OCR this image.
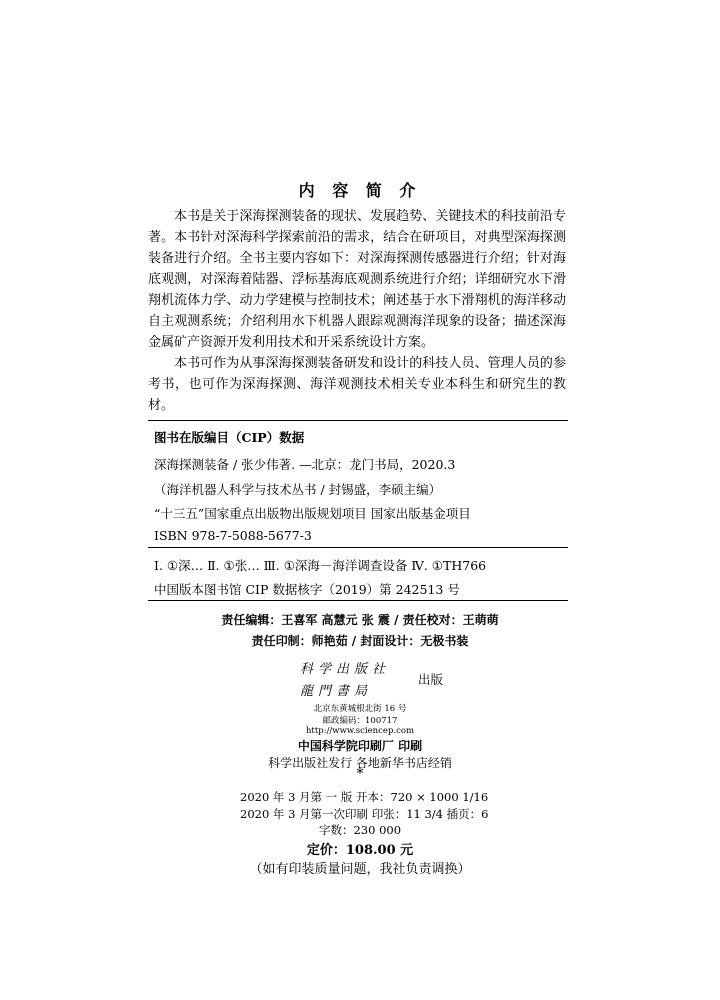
内 容 简 介

本书是关于深海探测装备的现状、发展趋势、关键技术的科技前沿专著。本书针对深海科学探索前沿的需求，结合在研项目，对典型深海探测装备进行介绍。全书主要内容如下：对深海探测传感器进行介绍；针对海底观测，对深海着陆器、浮标基海底观测系统进行介绍；详细研究水下滑翔机流体力学、动力学建模与控制技术；阐述基于水下滑翔机的海洋移动自主观测系统；介绍利用水下机器人跟踪观测海洋现象的设备；描述深海金属矿产资源开发利用技术和开采系统设计方案。

本书可作为从事深海探测装备研发和设计的科技人员、管理人员的参考书，也可作为深海探测、海洋观测技术相关专业本科生和研究生的教材。

图书在版编目（CIP）数据
深海探测装备 / 张少伟著. —北京：龙门书局，2020.3
（海洋机器人科学与技术丛书 / 封锡盛，李硕主编）
“十三五”国家重点出版物出版规划项目 国家出版基金项目
ISBN 978-7-5088-5677-3
Ⅰ. ①深… Ⅱ. ①张… Ⅲ. ①深海－海洋调查设备 Ⅳ. ①TH766
中国版本图书馆 CIP 数据核字（2019）第 242513 号
责任编辑：王喜军 高慧元 张 震 / 责任校对：王萌萌
责任印制：师艳茹 / 封面设计：无极书装
科学出版社
龍門書局
出版
北京东黄城根北街 16 号
邮政编码：100717
http://www.sciencep.com
中国科学院印刷厂 印刷
科学出版社发行 各地新华书店经销
*
2020 年 3 月第 一 版 开本：720 × 1000 1/16
2020 年 3 月第一次印刷 印张：11 3/4 插页：6
字数：230 000
定价：108.00 元
（如有印装质量问题，我社负责调换）
